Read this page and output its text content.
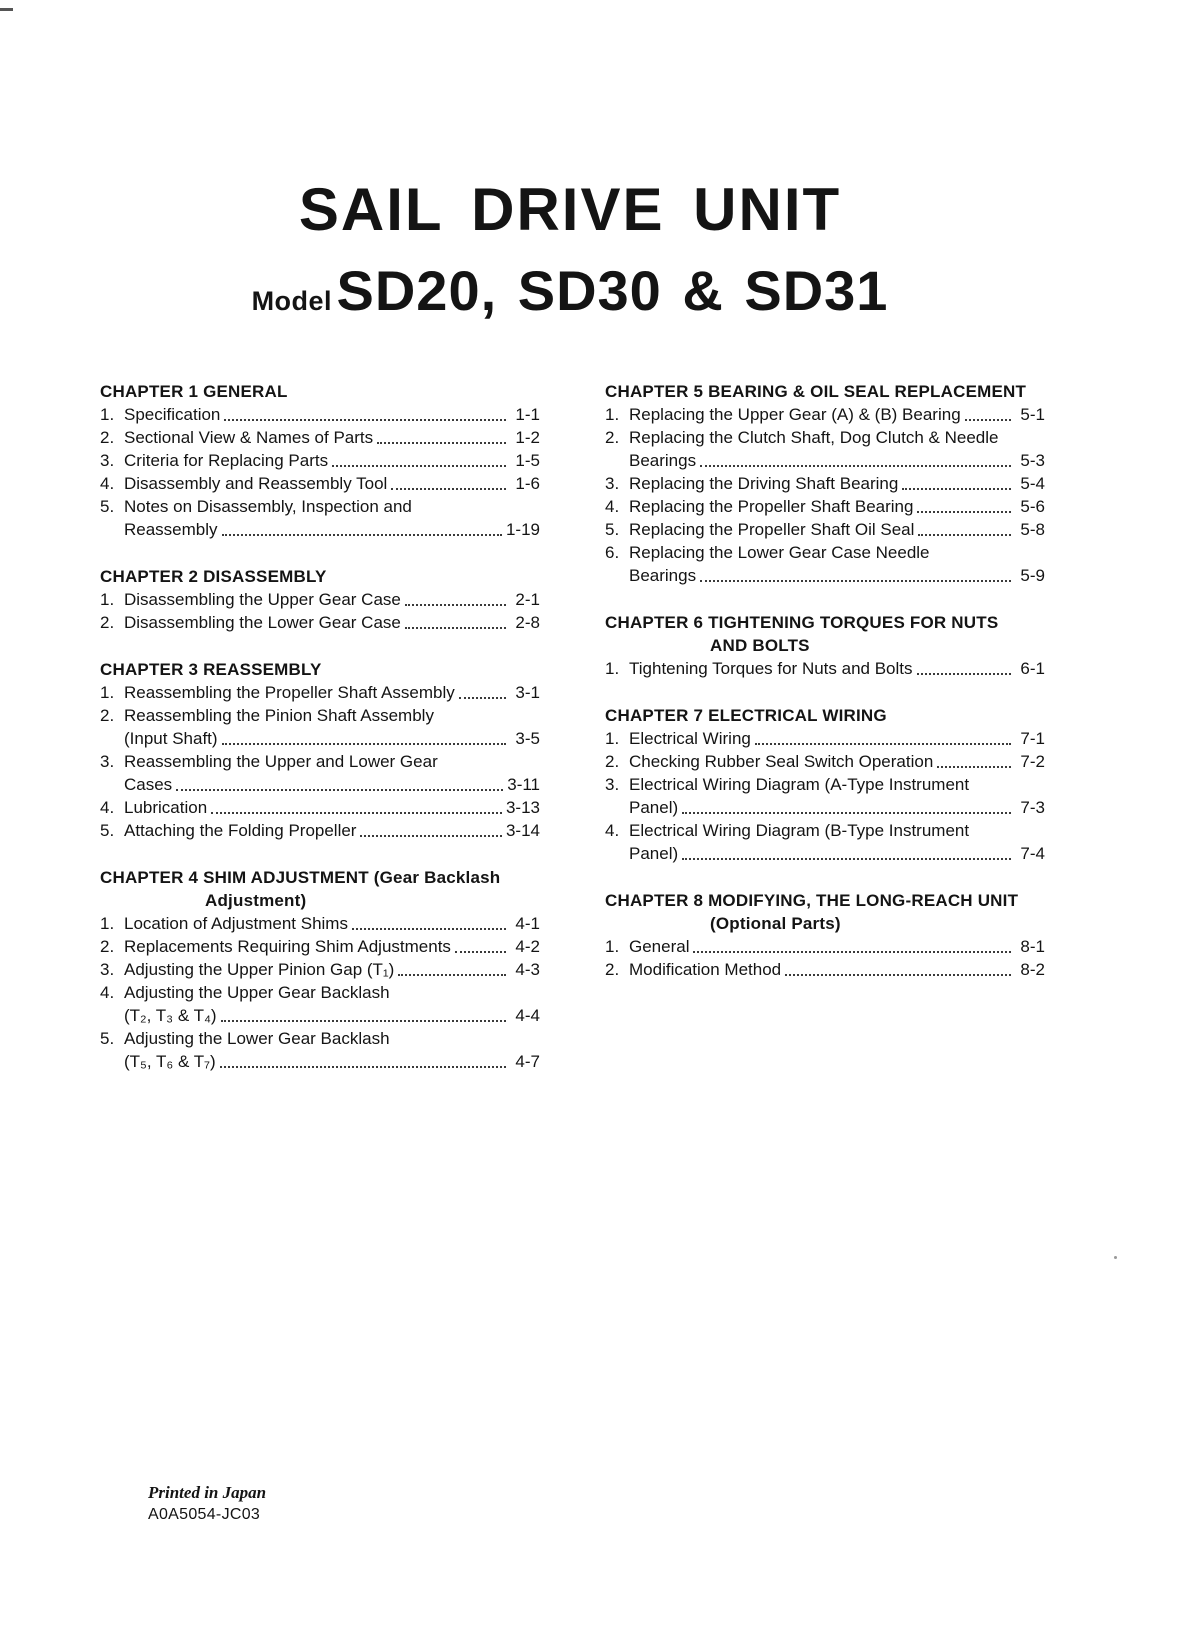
SAIL DRIVE UNIT
Model SD20, SD30 & SD31
CHAPTER 1 GENERAL
1. Specification	1-1
2. Sectional View & Names of Parts	1-2
3. Criteria for Replacing Parts	1-5
4. Disassembly and Reassembly Tool	1-6
5. Notes on Disassembly, Inspection and
Reassembly	1-19
CHAPTER 2 DISASSEMBLY
1. Disassembling the Upper Gear Case	2-1
2. Disassembling the Lower Gear Case	2-8
CHAPTER 3 REASSEMBLY
1. Reassembling the Propeller Shaft Assembly	3-1
2. Reassembling the Pinion Shaft Assembly
(Input Shaft)	3-5
3. Reassembling the Upper and Lower Gear
Cases	3-11
4. Lubrication	3-13
5. Attaching the Folding Propeller	3-14
CHAPTER 4 SHIM ADJUSTMENT (Gear Backlash
Adjustment)
1. Location of Adjustment Shims	4-1
2. Replacements Requiring Shim Adjustments	4-2
3. Adjusting the Upper Pinion Gap (T₁)	4-3
4. Adjusting the Upper Gear Backlash
(T₂, T₃ & T₄)	4-4
5. Adjusting the Lower Gear Backlash
(T₅, T₆ & T₇)	4-7
CHAPTER 5 BEARING & OIL SEAL REPLACEMENT
1. Replacing the Upper Gear (A) & (B) Bearing	5-1
2. Replacing the Clutch Shaft, Dog Clutch & Needle
Bearings	5-3
3. Replacing the Driving Shaft Bearing	5-4
4. Replacing the Propeller Shaft Bearing	5-6
5. Replacing the Propeller Shaft Oil Seal	5-8
6. Replacing the Lower Gear Case Needle
Bearings	5-9
CHAPTER 6 TIGHTENING TORQUES FOR NUTS
AND BOLTS
1. Tightening Torques for Nuts and Bolts	6-1
CHAPTER 7 ELECTRICAL WIRING
1. Electrical Wiring	7-1
2. Checking Rubber Seal Switch Operation	7-2
3. Electrical Wiring Diagram (A-Type Instrument
Panel)	7-3
4. Electrical Wiring Diagram (B-Type Instrument
Panel)	7-4
CHAPTER 8 MODIFYING, THE LONG-REACH UNIT
(Optional Parts)
1. General	8-1
2. Modification Method	8-2
Printed in Japan
A0A5054-JC03
